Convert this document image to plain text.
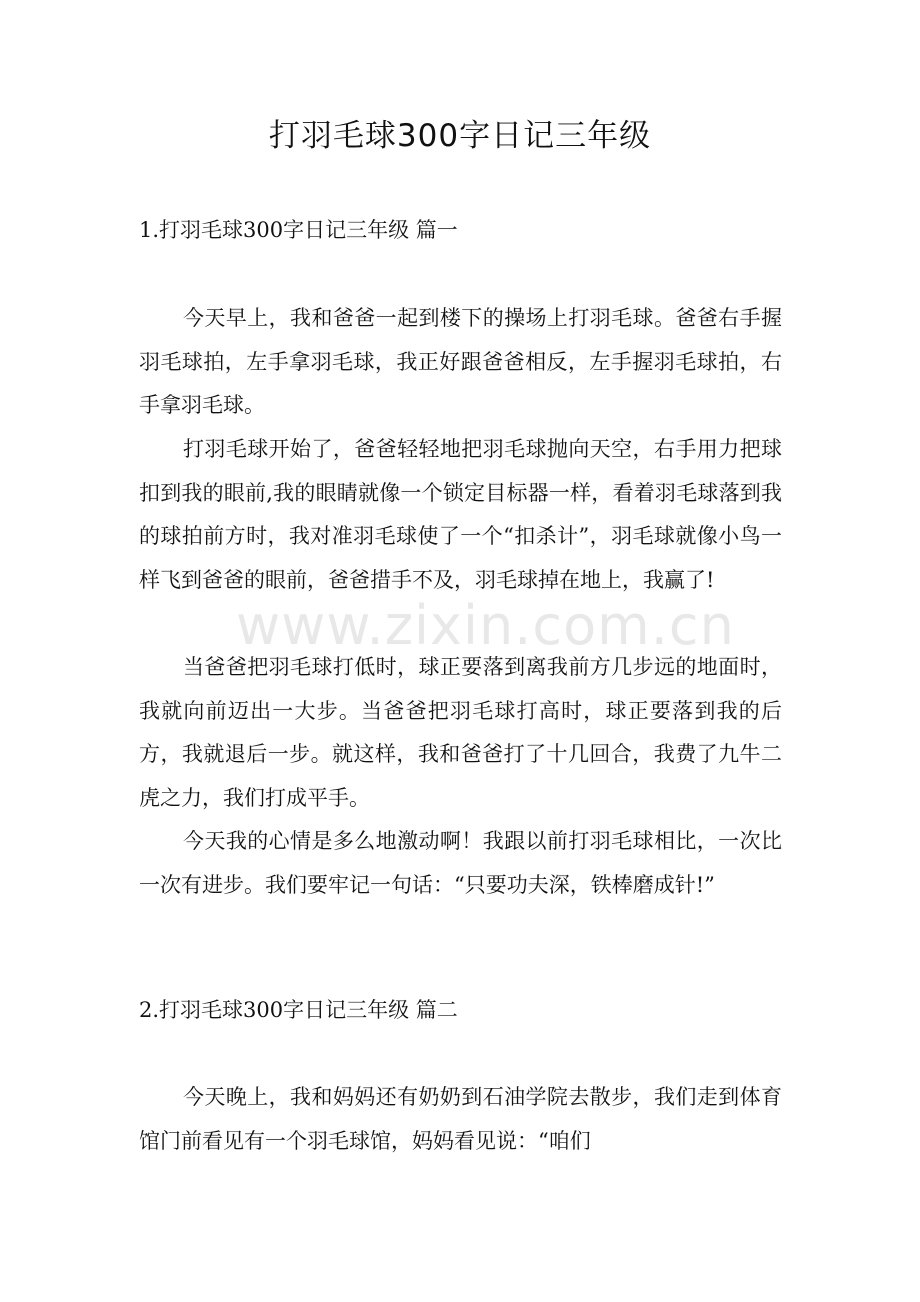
打羽毛球300字日记三年级
1.打羽毛球300字日记三年级 篇一

今天早上，我和爸爸一起到楼下的操场上打羽毛球。爸爸右手握羽毛球拍，左手拿羽毛球，我正好跟爸爸相反，左手握羽毛球拍，右手拿羽毛球。

打羽毛球开始了，爸爸轻轻地把羽毛球抛向天空，右手用力把球扣到我的眼前,我的眼睛就像一个锁定目标器一样，看着羽毛球落到我的球拍前方时，我对准羽毛球使了一个“扣杀计”，羽毛球就像小鸟一样飞到爸爸的眼前，爸爸措手不及，羽毛球掉在地上，我赢了!

当爸爸把羽毛球打低时，球正要落到离我前方几步远的地面时，我就向前迈出一大步。当爸爸把羽毛球打高时，球正要落到我的后方，我就退后一步。就这样，我和爸爸打了十几回合，我费了九牛二虎之力，我们打成平手。

今天我的心情是多么地激动啊！我跟以前打羽毛球相比，一次比一次有进步。我们要牢记一句话：“只要功夫深，铁棒磨成针!”

2.打羽毛球300字日记三年级 篇二

今天晚上，我和妈妈还有奶奶到石油学院去散步，我们走到体育馆门前看见有一个羽毛球馆，妈妈看见说：“咱们

www.zixin.com.cn
